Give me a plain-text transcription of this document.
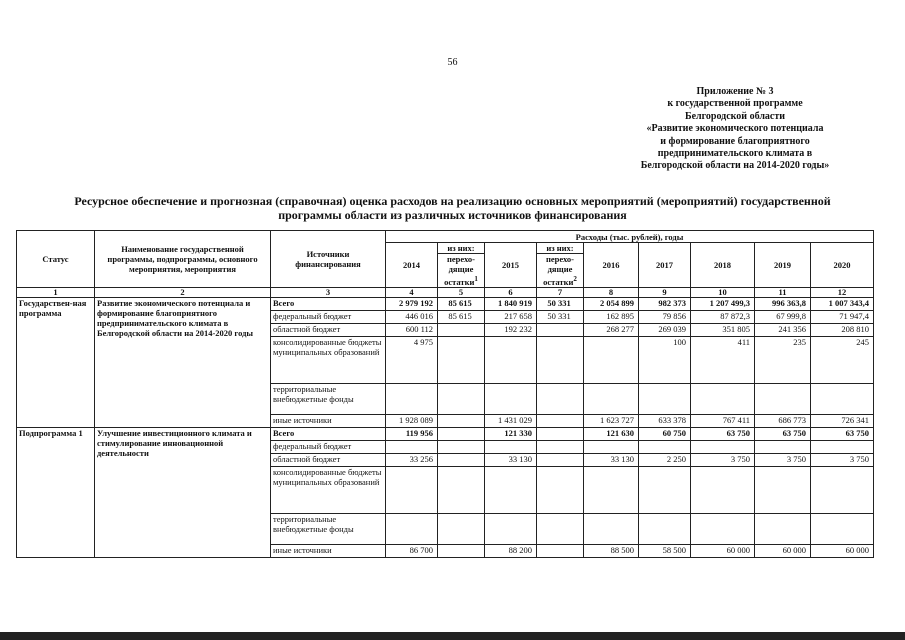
56
Приложение № 3
к государственной программе
Белгородской области
«Развитие экономического потенциала
и формирование благоприятного
предпринимательского климата в
Белгородской области на 2014-2020 годы»
Ресурсное обеспечение и прогнозная (справочная) оценка расходов на реализацию основных мероприятий (мероприятий) государственной
программы области из различных источников финансирования
Статус	Наименование государственной программы, подпрограммы, основного мероприятия, мероприятия	Источники финансирования	Расходы (тыс. рублей), годы								
			2014	из них:	2015	из них:	2016	2017	2018	2019	2020
				перехо- дящие остатки$^1$		перехо- дящие остатки$^2$
1	2	3	4	5	6	7	8	9	10	11	12
Государствен-ная программа	Развитие экономического потенциала и формирование благоприятного предпринимательского климата в Белгородской области на 2014-2020 годы	Всего	2 979 192	85 615	1 840 919	50 331	2 054 899	982 373	1 207 499,3	996 363,8	1 007 343,4
		федеральный бюджет	446 016	85 615	217 658	50 331	162 895	79 856	87 872,3	67 999,8	71 947,4
		областной бюджет	600 112		192 232		268 277	269 039	351 805	241 356	208 810
		консолидированные бюджеты муниципальных образований	4 975					100	411	235	245
		территориальные внебюджетные фонды									
		иные источники	1 928 089		1 431 029		1 623 727	633 378	767 411	686 773	726 341
Подпрограмма 1	Улучшение инвестиционного климата и стимулирование инновационной деятельности	Всего	119 956		121 330		121 630	60 750	63 750	63 750	63 750
		федеральный бюджет									
		областной бюджет	33 256		33 130		33 130	2 250	3 750	3 750	3 750
		консолидированные бюджеты муниципальных образований									
		территориальные внебюджетные фонды									
		иные источники	86 700		88 200		88 500	58 500	60 000	60 000	60 000
